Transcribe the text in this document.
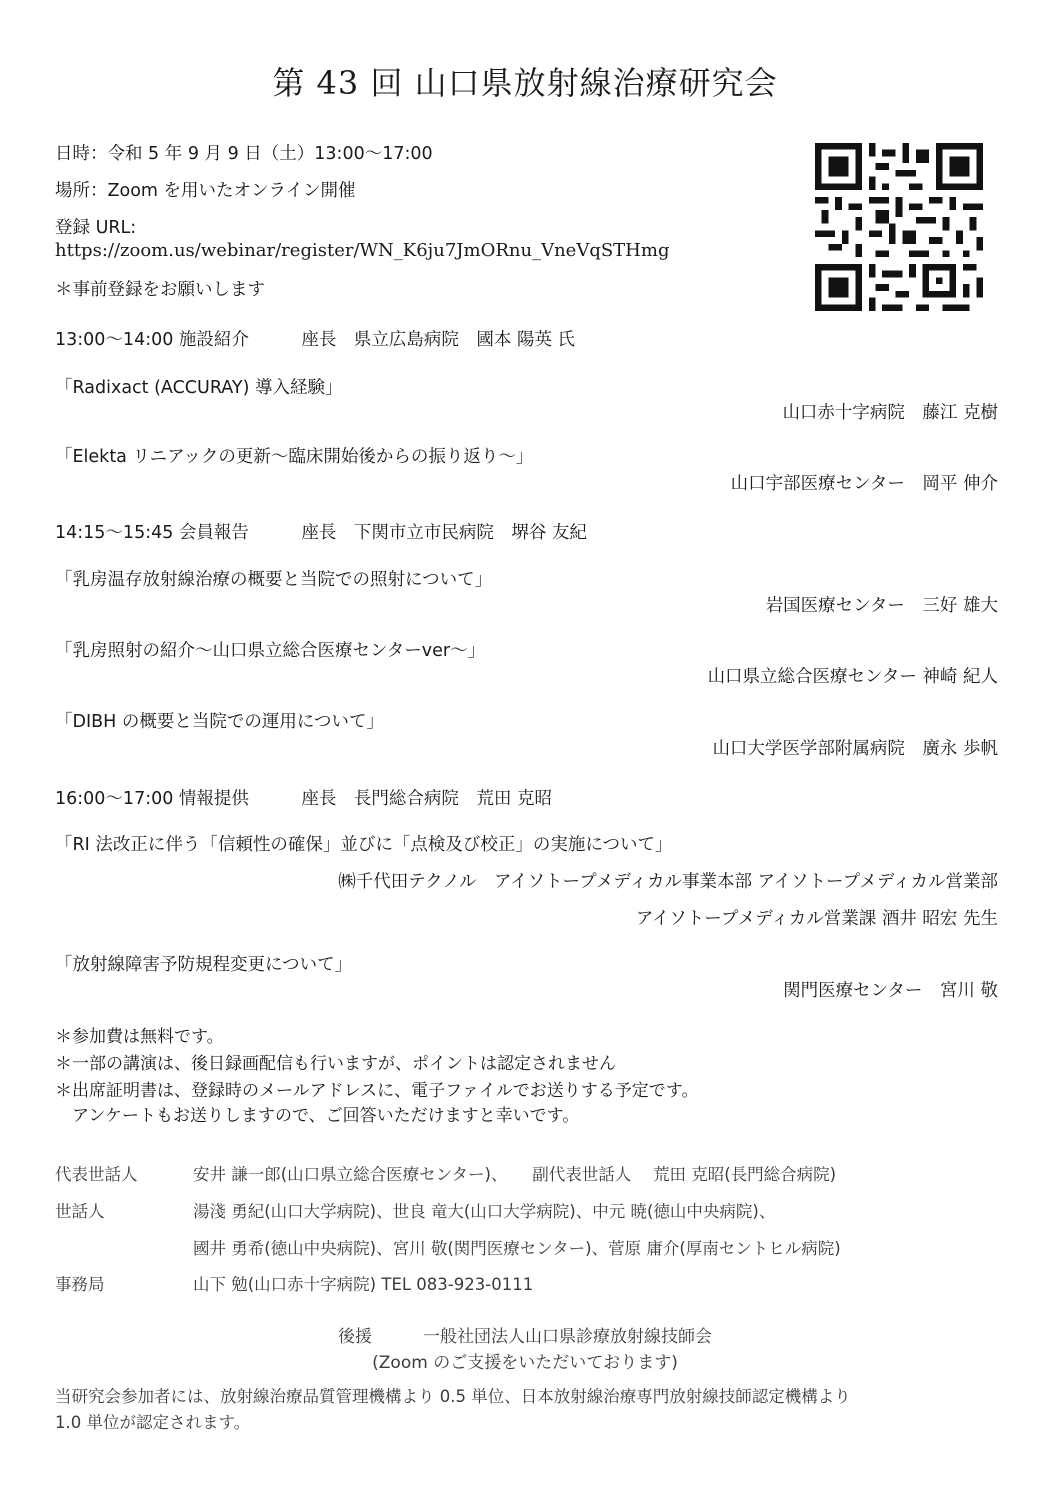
第 43 回 山口県放射線治療研究会
日時：令和 5 年 9 月 9 日（土）13:00〜17:00
場所：Zoom を用いたオンライン開催
登録 URL:
https://zoom.us/webinar/register/WN_K6ju7JmORnu_VneVqSTHmg
＊事前登録をお願いします
13:00〜14:00 施設紹介　　　座長　県立広島病院　國本 陽英 氏
「Radixact (ACCURAY) 導入経験」
山口赤十字病院　藤江 克樹
「Elekta リニアックの更新〜臨床開始後からの振り返り〜」
山口宇部医療センター　岡平 伸介
14:15〜15:45 会員報告　　　座長　下関市立市民病院　堺谷 友紀
「乳房温存放射線治療の概要と当院での照射について」
岩国医療センター　三好 雄大
「乳房照射の紹介〜山口県立総合医療センターver〜」
山口県立総合医療センター 神崎 紀人
「DIBH の概要と当院での運用について」
山口大学医学部附属病院　廣永 歩帆
16:00〜17:00 情報提供　　　座長　長門総合病院　荒田 克昭
「RI 法改正に伴う「信頼性の確保」並びに「点検及び校正」の実施について」
㈱千代田テクノル　アイソトープメディカル事業本部 アイソトープメディカル営業部
アイソトープメディカル営業課 酒井 昭宏 先生
「放射線障害予防規程変更について」
関門医療センター　宮川 敬
＊参加費は無料です。
＊一部の講演は、後日録画配信も行いますが、ポイントは認定されません
＊出席証明書は、登録時のメールアドレスに、電子ファイルでお送りする予定です。
　アンケートもお送りしますので、ご回答いただけますと幸いです。
代表世話人	安井 謙一郎(山口県立総合医療センター)、　　副代表世話人　 荒田 克昭(長門総合病院)
世話人	湯淺 勇紀(山口大学病院)、世良 竜大(山口大学病院)、中元 暁(徳山中央病院)、
國井 勇希(徳山中央病院)、宮川 敬(関門医療センター)、菅原 庸介(厚南セントヒル病院)
事務局	山下 勉(山口赤十字病院) TEL 083-923-0111
後援　　　一般社団法人山口県診療放射線技師会
(Zoom のご支援をいただいております)
当研究会参加者には、放射線治療品質管理機構より 0.5 単位、日本放射線治療専門放射線技師認定機構より
1.0 単位が認定されます。
